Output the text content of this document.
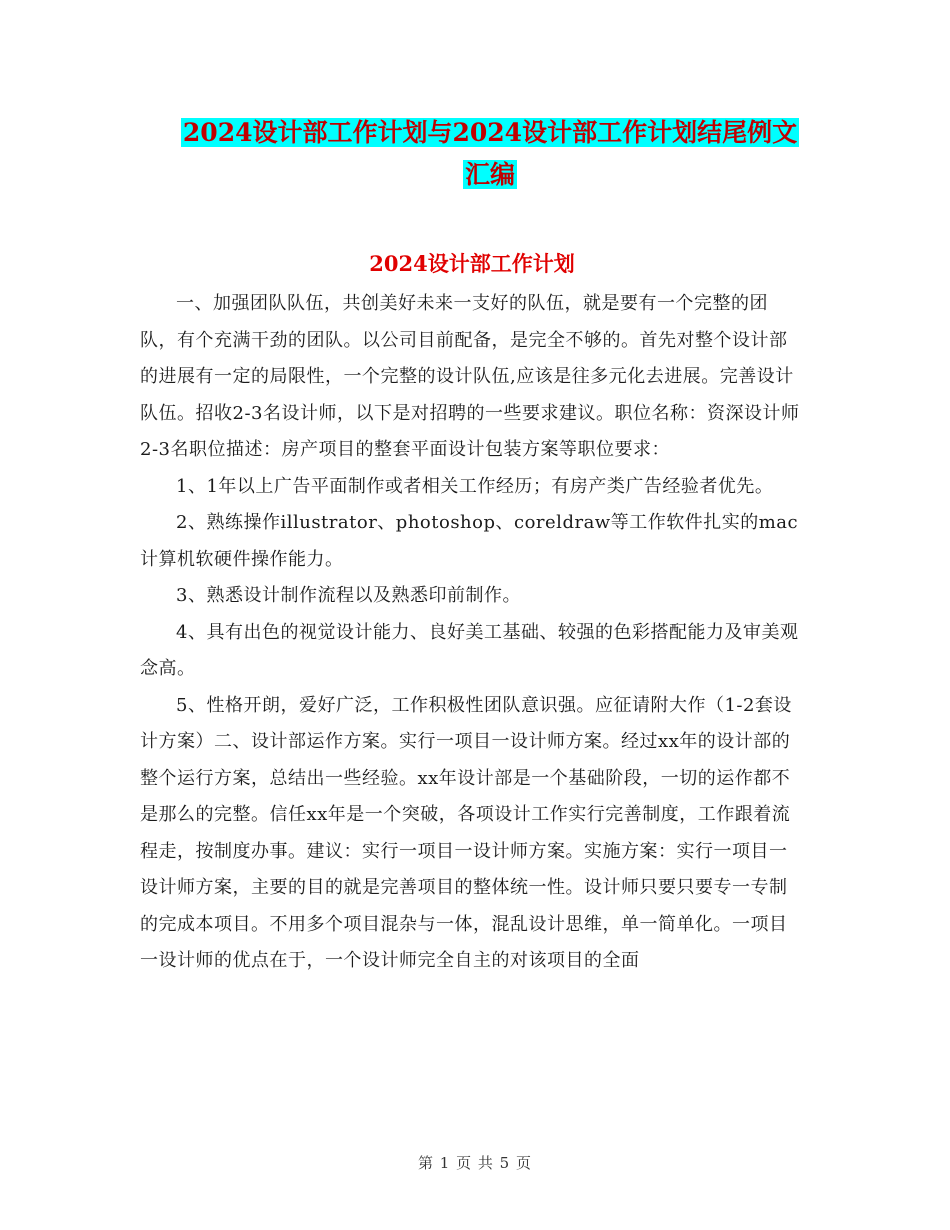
2024设计部工作计划与2024设计部工作计划结尾例文
汇编
2024设计部工作计划

一、加强团队队伍，共创美好未来一支好的队伍，就是要有一个完整的团队，有个充满干劲的团队。以公司目前配备，是完全不够的。首先对整个设计部的进展有一定的局限性，一个完整的设计队伍,应该是往多元化去进展。完善设计队伍。招收2-3名设计师，以下是对招聘的一些要求建议。职位名称：资深设计师2-3名职位描述：房产项目的整套平面设计包装方案等职位要求：

1、1年以上广告平面制作或者相关工作经历；有房产类广告经验者优先。

2、熟练操作illustrator、photoshop、coreldraw等工作软件扎实的mac计算机软硬件操作能力。

3、熟悉设计制作流程以及熟悉印前制作。

4、具有出色的视觉设计能力、良好美工基础、较强的色彩搭配能力及审美观念高。

5、性格开朗，爱好广泛，工作积极性团队意识强。应征请附大作（1-2套设计方案）二、设计部运作方案。实行一项目一设计师方案。经过xx年的设计部的整个运行方案，总结出一些经验。xx年设计部是一个基础阶段，一切的运作都不是那么的完整。信任xx年是一个突破，各项设计工作实行完善制度，工作跟着流程走，按制度办事。建议：实行一项目一设计师方案。实施方案：实行一项目一设计师方案，主要的目的就是完善项目的整体统一性。设计师只要只要专一专制的完成本项目。不用多个项目混杂与一体，混乱设计思维，单一简单化。一项目一设计师的优点在于，一个设计师完全自主的对该项目的全面

第 1 页 共 5 页
